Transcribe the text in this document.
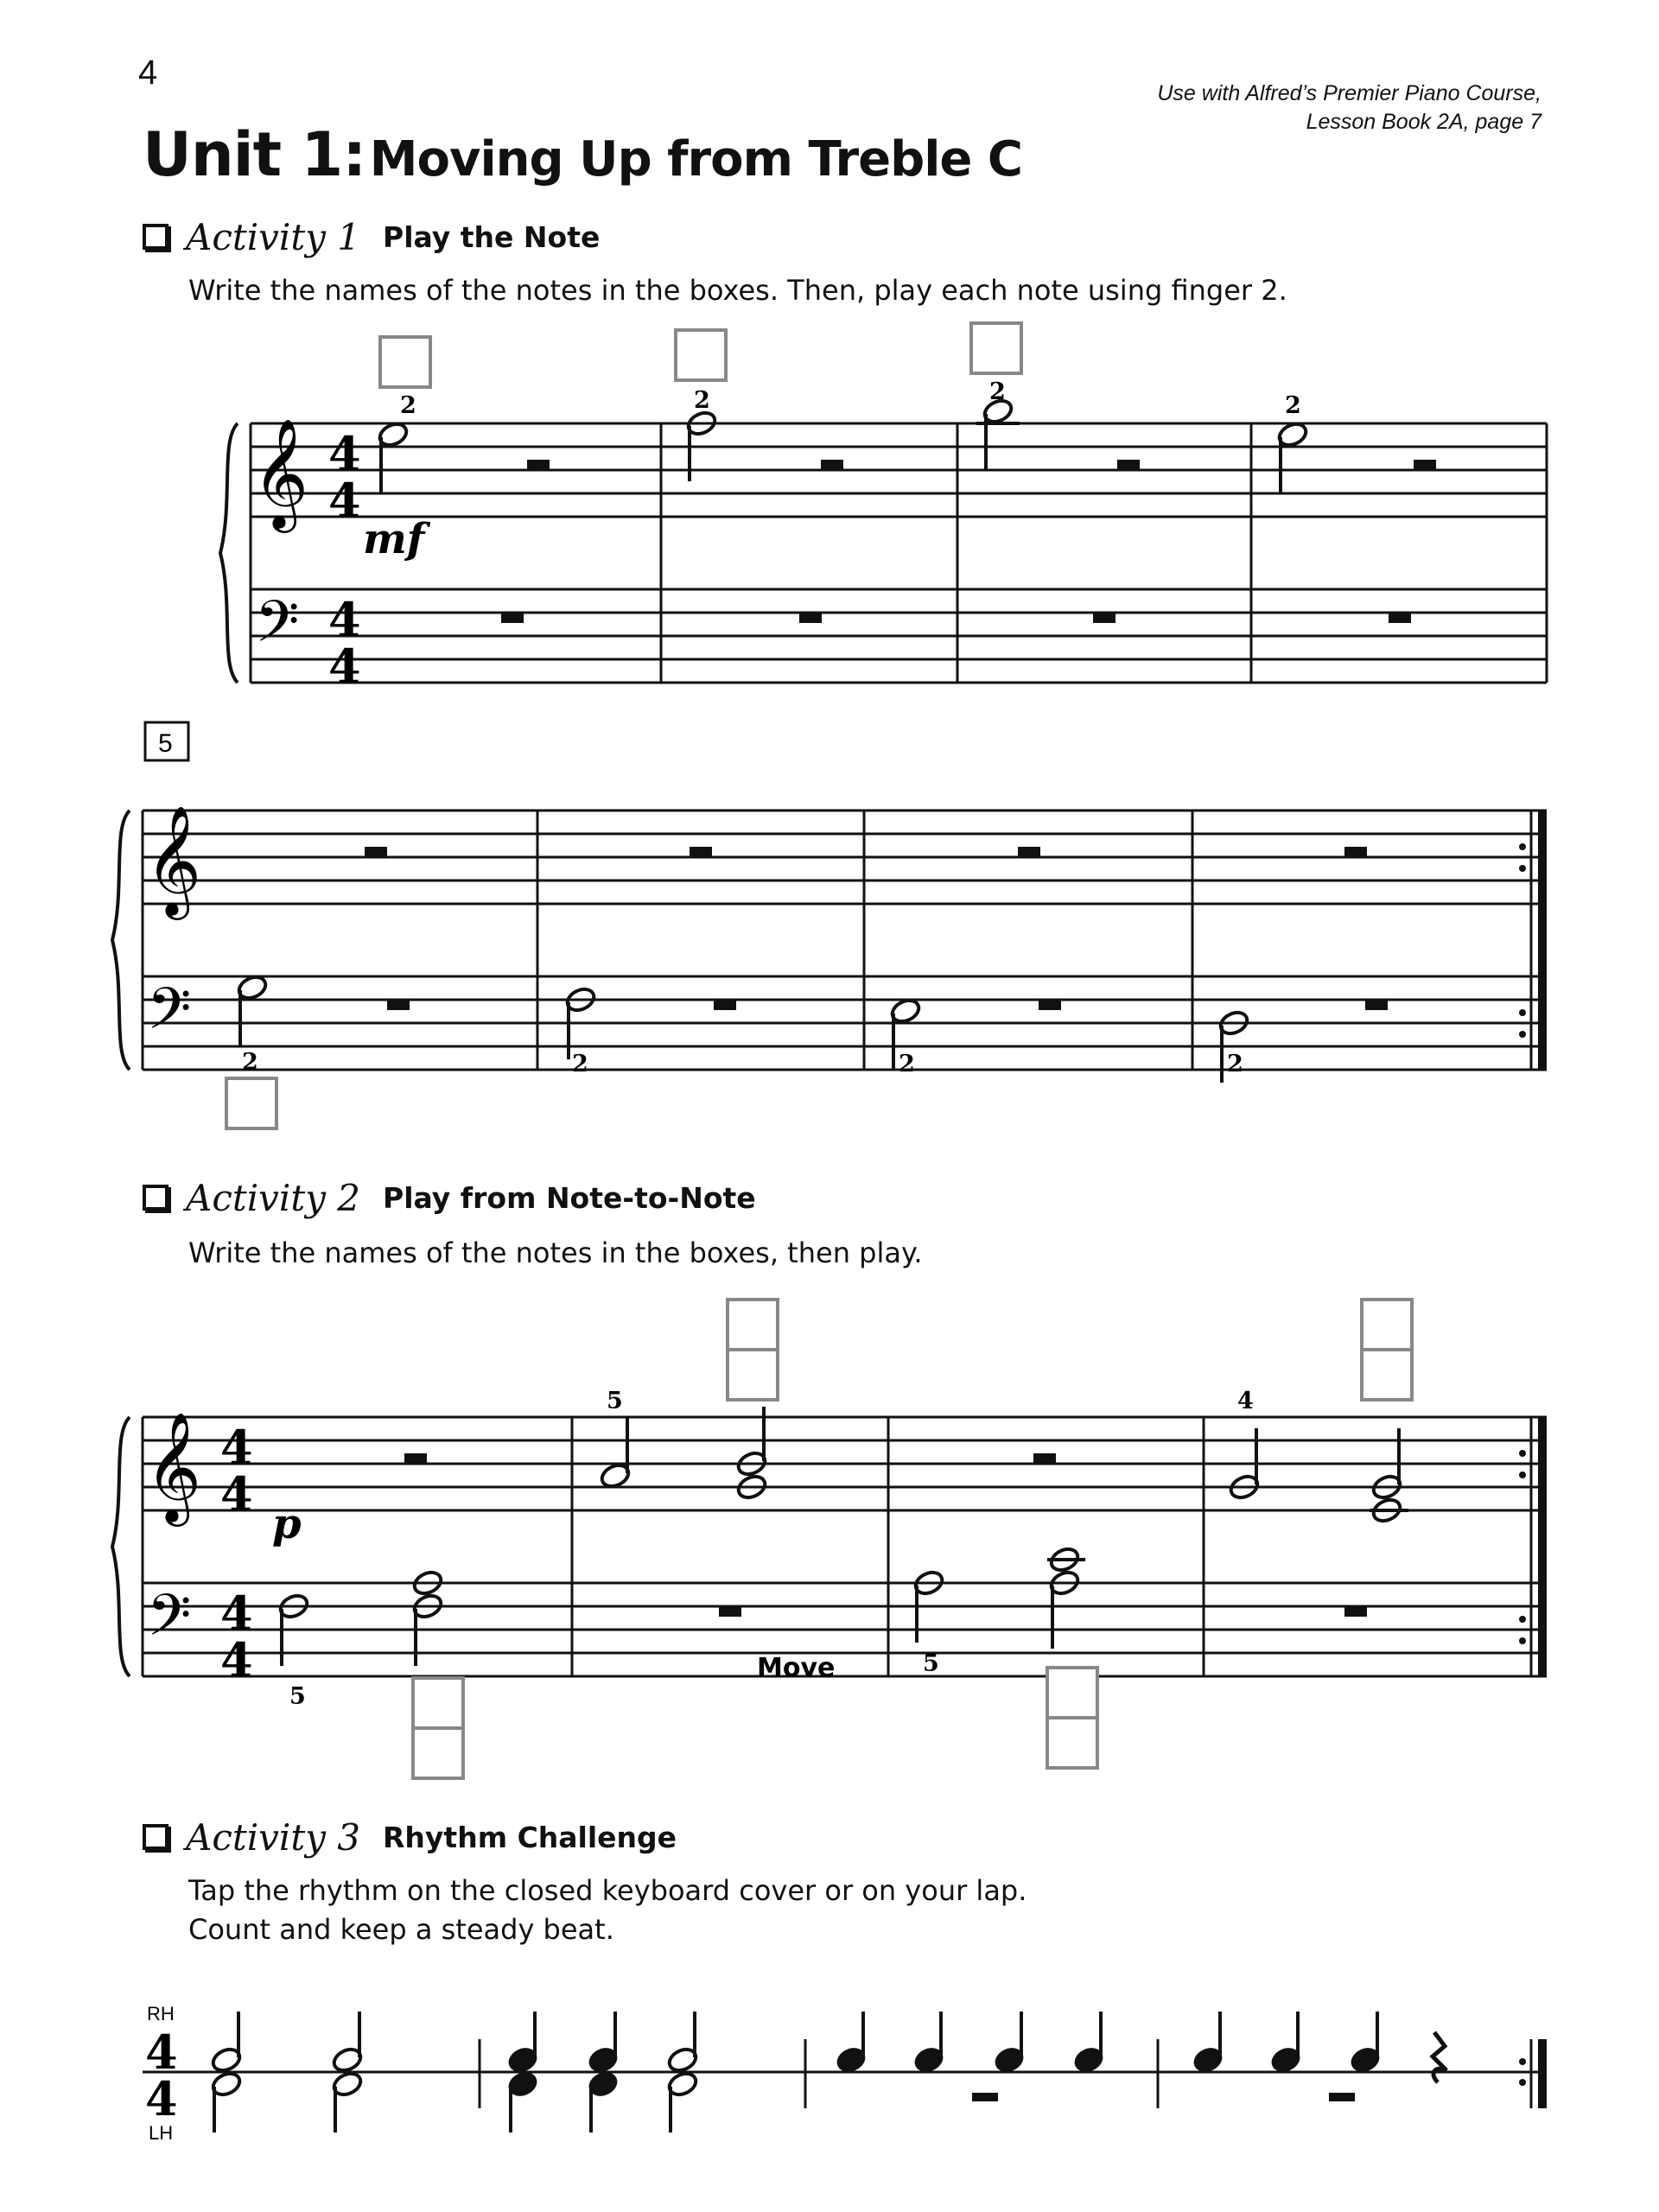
4
Use with Alfred’s Premier Piano Course,
Lesson Book 2A, page 7
Unit 1: Moving Up from Treble C
Activity 1 Play the Note
Write the names of the notes in the boxes. Then, play each note using finger 2.
𝄞
𝄢
4
4
4
4
2	2	2
2
mf
5
𝄞
𝄢
2	2	2	2
Activity 2 Play from Note-to-Note
Write the names of the notes in the boxes, then play.
𝄞
𝄢
4
4
4
4
p
5	4
5
5
Move
Activity 3 Rhythm Challenge
Tap the rhythm on the closed keyboard cover or on your lap.
Count and keep a steady beat.
RH
LH
4
4
